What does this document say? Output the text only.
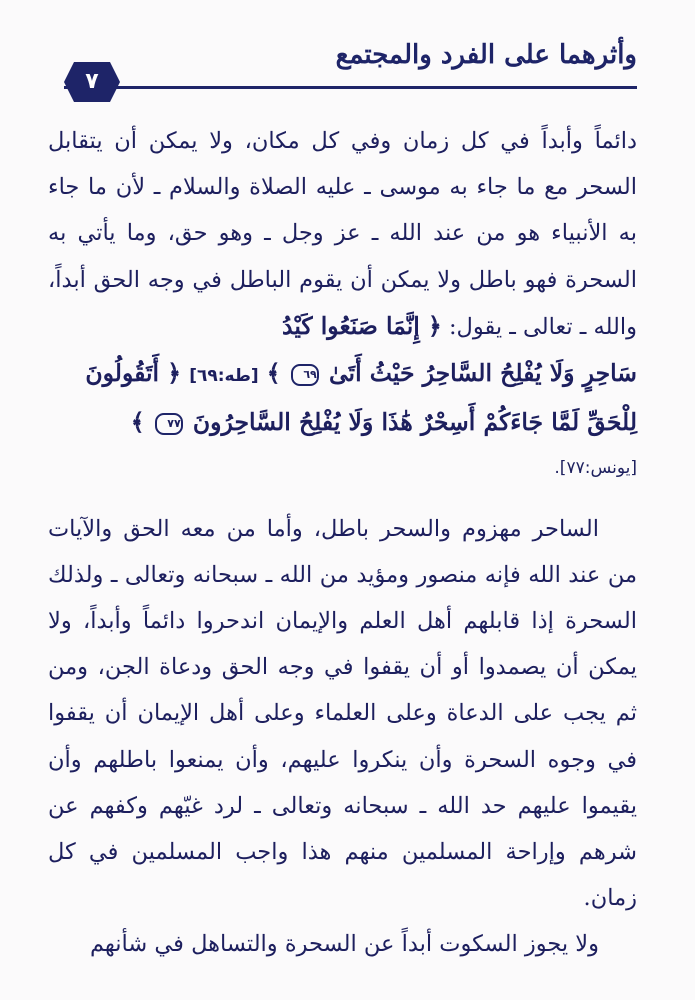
وأثرهما على الفرد والمجتمع
٧

دائماً وأبداً في كل زمان وفي كل مكان، ولا يمكن أن يتقابل السحر مع ما جاء به موسى ـ عليه الصلاة والسلام ـ لأن ما جاء به الأنبياء هو من عند الله ـ عز وجل ـ وهو حق، وما يأتي به السحرة فهو باطل ولا يمكن أن يقوم الباطل في وجه الحق أبداً، والله ـ تعالى ـ يقول: ﴿ إِنَّمَا صَنَعُوا كَيْدُ
سَاحِرٍ وَلَا يُفْلِحُ السَّاحِرُ حَيْثُ أَتَىٰ ٦٩ ﴾ [طه:٦٩] ﴿ أَتَقُولُونَ
لِلْحَقِّ لَمَّا جَاءَكُمْ أَسِحْرٌ هَٰذَا وَلَا يُفْلِحُ السَّاحِرُونَ ٧٧ ﴾
[يونس:٧٧].

الساحر مهزوم والسحر باطل، وأما من معه الحق والآيات من عند الله فإنه منصور ومؤيد من الله ـ سبحانه وتعالى ـ ولذلك السحرة إذا قابلهم أهل العلم والإيمان اندحروا دائماً وأبداً، ولا يمكن أن يصمدوا أو أن يقفوا في وجه الحق ودعاة الجن، ومن ثم يجب على الدعاة وعلى العلماء وعلى أهل الإيمان أن يقفوا في وجوه السحرة وأن ينكروا عليهم، وأن يمنعوا باطلهم وأن يقيموا عليهم حد الله ـ سبحانه وتعالى ـ لرد غيّهم وكفهم عن شرهم وإراحة المسلمين منهم هذا واجب المسلمين في كل زمان.

ولا يجوز السكوت أبداً عن السحرة والتساهل في شأنهم
